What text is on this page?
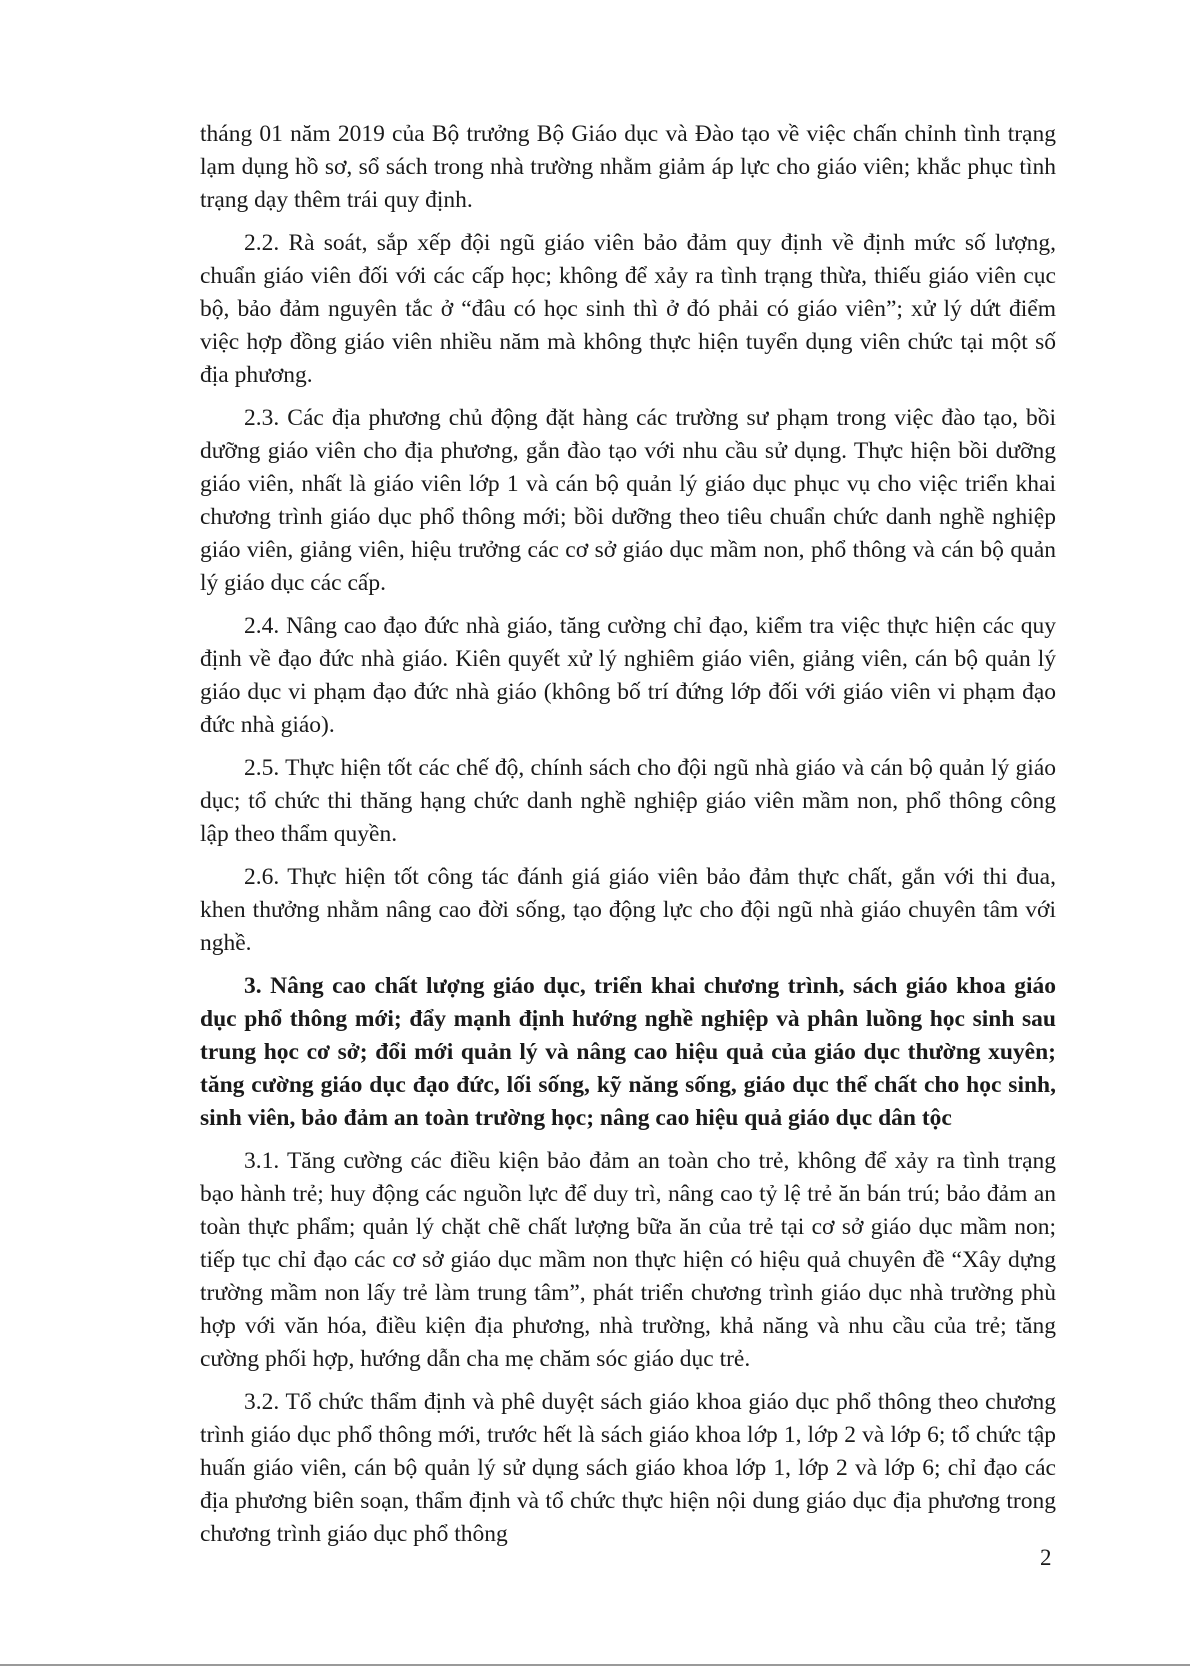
tháng 01 năm 2019 của Bộ trưởng Bộ Giáo dục và Đào tạo về việc chấn chỉnh tình trạng lạm dụng hồ sơ, sổ sách trong nhà trường nhằm giảm áp lực cho giáo viên; khắc phục tình trạng dạy thêm trái quy định.

2.2. Rà soát, sắp xếp đội ngũ giáo viên bảo đảm quy định về định mức số lượng, chuẩn giáo viên đối với các cấp học; không để xảy ra tình trạng thừa, thiếu giáo viên cục bộ, bảo đảm nguyên tắc ở “đâu có học sinh thì ở đó phải có giáo viên”; xử lý dứt điểm việc hợp đồng giáo viên nhiều năm mà không thực hiện tuyển dụng viên chức tại một số địa phương.

2.3. Các địa phương chủ động đặt hàng các trường sư phạm trong việc đào tạo, bồi dưỡng giáo viên cho địa phương, gắn đào tạo với nhu cầu sử dụng. Thực hiện bồi dưỡng giáo viên, nhất là giáo viên lớp 1 và cán bộ quản lý giáo dục phục vụ cho việc triển khai chương trình giáo dục phổ thông mới; bồi dưỡng theo tiêu chuẩn chức danh nghề nghiệp giáo viên, giảng viên, hiệu trưởng các cơ sở giáo dục mầm non, phổ thông và cán bộ quản lý giáo dục các cấp.

2.4. Nâng cao đạo đức nhà giáo, tăng cường chỉ đạo, kiểm tra việc thực hiện các quy định về đạo đức nhà giáo. Kiên quyết xử lý nghiêm giáo viên, giảng viên, cán bộ quản lý giáo dục vi phạm đạo đức nhà giáo (không bố trí đứng lớp đối với giáo viên vi phạm đạo đức nhà giáo).

2.5. Thực hiện tốt các chế độ, chính sách cho đội ngũ nhà giáo và cán bộ quản lý giáo dục; tổ chức thi thăng hạng chức danh nghề nghiệp giáo viên mầm non, phổ thông công lập theo thẩm quyền.

2.6. Thực hiện tốt công tác đánh giá giáo viên bảo đảm thực chất, gắn với thi đua, khen thưởng nhằm nâng cao đời sống, tạo động lực cho đội ngũ nhà giáo chuyên tâm với nghề.

3. Nâng cao chất lượng giáo dục, triển khai chương trình, sách giáo khoa giáo dục phổ thông mới; đẩy mạnh định hướng nghề nghiệp và phân luồng học sinh sau trung học cơ sở; đổi mới quản lý và nâng cao hiệu quả của giáo dục thường xuyên; tăng cường giáo dục đạo đức, lối sống, kỹ năng sống, giáo dục thể chất cho học sinh, sinh viên, bảo đảm an toàn trường học; nâng cao hiệu quả giáo dục dân tộc

3.1. Tăng cường các điều kiện bảo đảm an toàn cho trẻ, không để xảy ra tình trạng bạo hành trẻ; huy động các nguồn lực để duy trì, nâng cao tỷ lệ trẻ ăn bán trú; bảo đảm an toàn thực phẩm; quản lý chặt chẽ chất lượng bữa ăn của trẻ tại cơ sở giáo dục mầm non; tiếp tục chỉ đạo các cơ sở giáo dục mầm non thực hiện có hiệu quả chuyên đề “Xây dựng trường mầm non lấy trẻ làm trung tâm”, phát triển chương trình giáo dục nhà trường phù hợp với văn hóa, điều kiện địa phương, nhà trường, khả năng và nhu cầu của trẻ; tăng cường phối hợp, hướng dẫn cha mẹ chăm sóc giáo dục trẻ.

3.2. Tổ chức thẩm định và phê duyệt sách giáo khoa giáo dục phổ thông theo chương trình giáo dục phổ thông mới, trước hết là sách giáo khoa lớp 1, lớp 2 và lớp 6; tổ chức tập huấn giáo viên, cán bộ quản lý sử dụng sách giáo khoa lớp 1, lớp 2 và lớp 6; chỉ đạo các địa phương biên soạn, thẩm định và tổ chức thực hiện nội dung giáo dục địa phương trong chương trình giáo dục phổ thông

2
